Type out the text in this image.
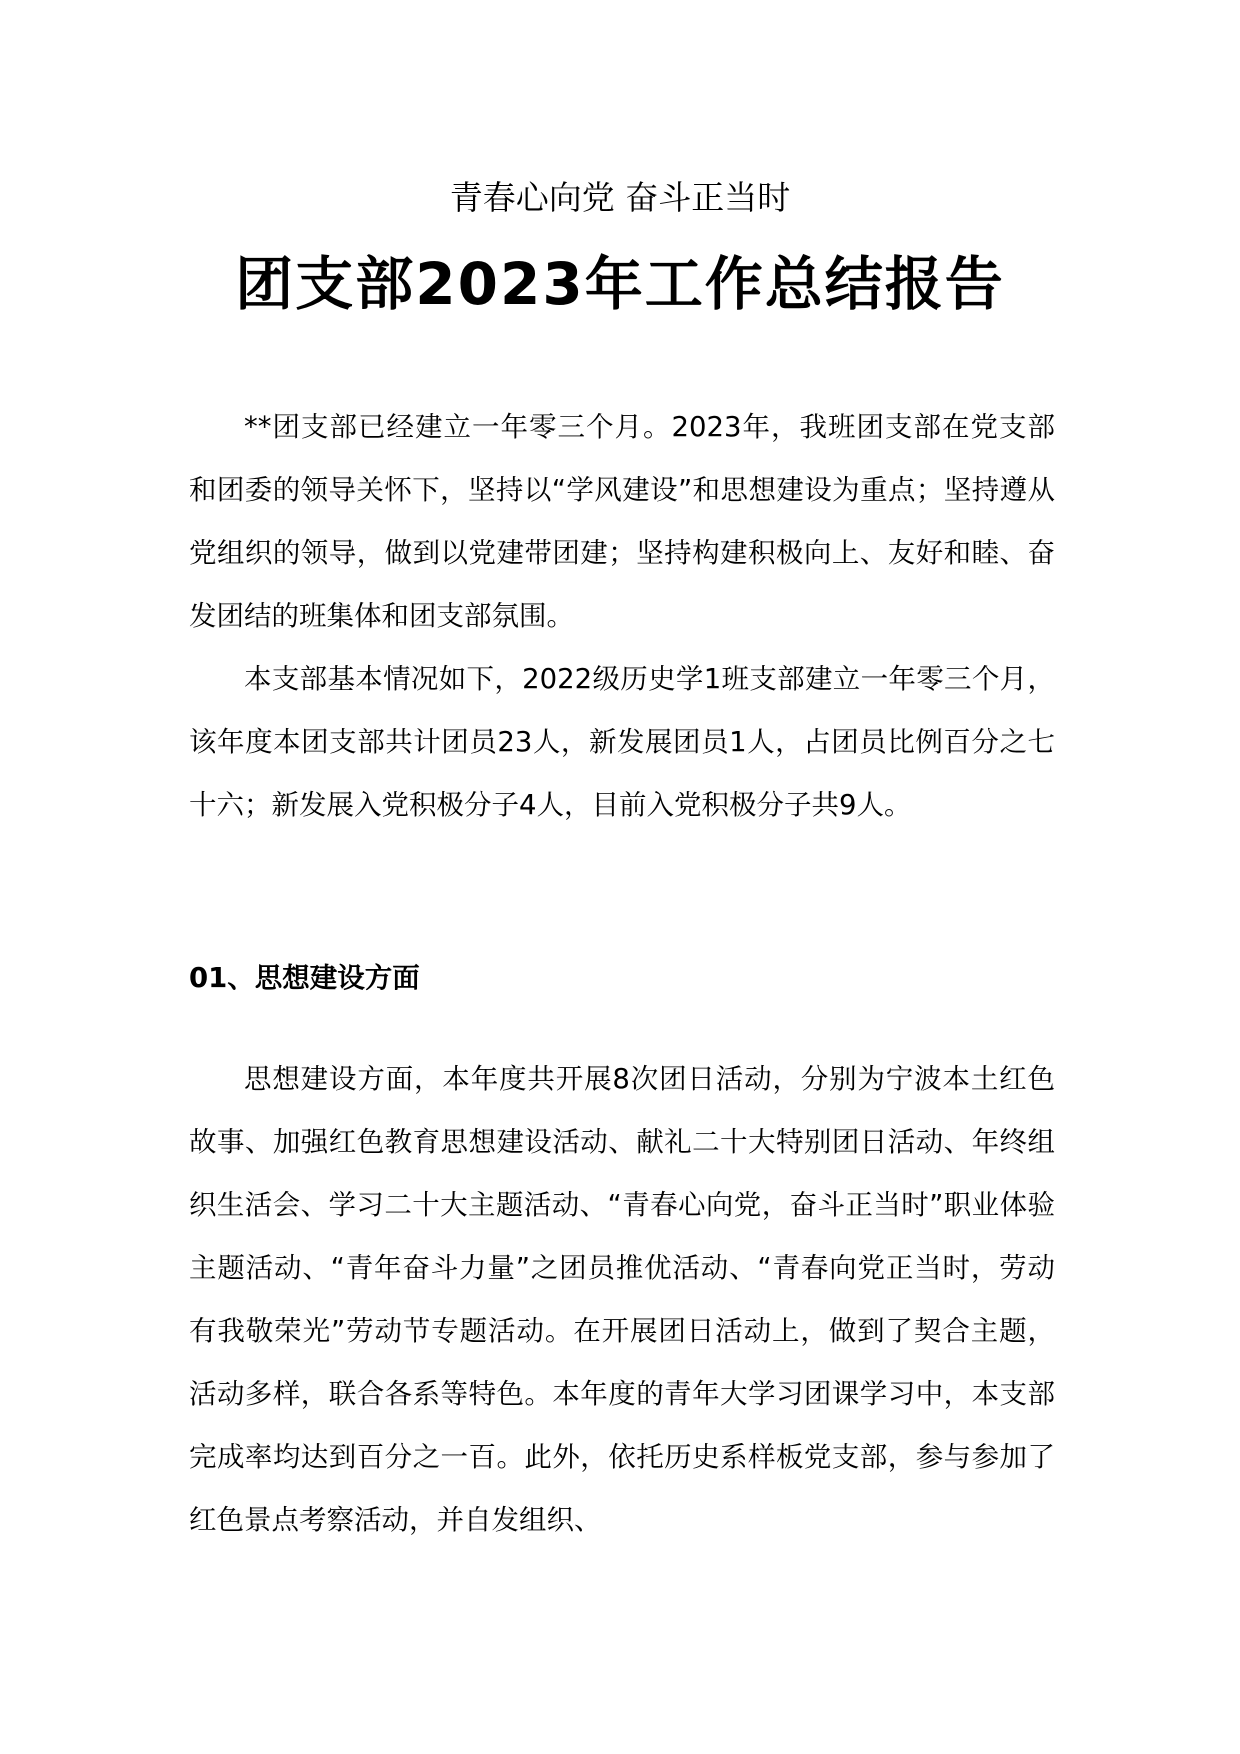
青春心向党 奋斗正当时
团支部2023年工作总结报告

**团支部已经建立一年零三个月。2023年，我班团支部在党支部和团委的领导关怀下，坚持以“学风建设”和思想建设为重点；坚持遵从党组织的领导，做到以党建带团建；坚持构建积极向上、友好和睦、奋发团结的班集体和团支部氛围。

本支部基本情况如下，2022级历史学1班支部建立一年零三个月，该年度本团支部共计团员23人，新发展团员1人，占团员比例百分之七十六；新发展入党积极分子4人，目前入党积极分子共9人。

01、思想建设方面

思想建设方面，本年度共开展8次团日活动，分别为宁波本土红色故事、加强红色教育思想建设活动、献礼二十大特别团日活动、年终组织生活会、学习二十大主题活动、“青春心向党，奋斗正当时”职业体验主题活动、“青年奋斗力量”之团员推优活动、“青春向党正当时，劳动有我敬荣光”劳动节专题活动。在开展团日活动上，做到了契合主题，活动多样，联合各系等特色。本年度的青年大学习团课学习中，本支部完成率均达到百分之一百。此外，依托历史系样板党支部，参与参加了红色景点考察活动，并自发组织、
